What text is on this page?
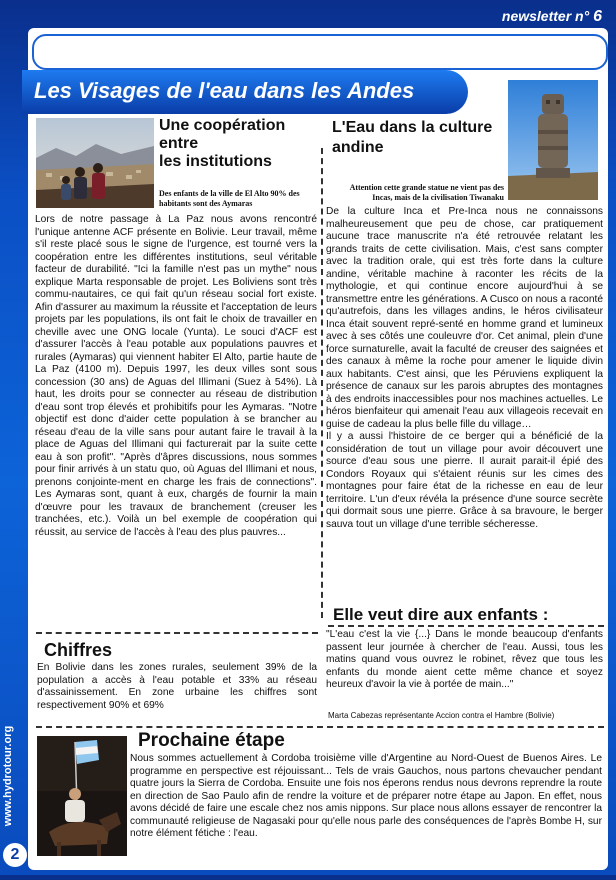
newsletter n° 6
Les Visages de l'eau dans les Andes
www.hydrotour.org
2
Une coopération
entre
les institutions
Des enfants de la ville de El Alto 90% des habitants sont des Aymaras

Lors de notre passage à La Paz nous avons rencontré l'unique antenne ACF présente en Bolivie. Leur travail, même s'il reste placé sous le signe de l'urgence, est tourné vers la coopération entre les différentes institutions, seul véritable facteur de durabilité. "Ici la famille n'est pas un mythe" nous explique Marta responsable de projet. Les Boliviens sont très commu-nautaires, ce qui fait qu'un réseau social fort existe. Afin d'assurer au maximum la réussite et l'acceptation de leurs projets par les populations, ils ont fait le choix de travailler en cheville avec une ONG locale (Yunta). Le souci d'ACF est d'assurer l'accès à l'eau potable aux populations pauvres et rurales (Aymaras) qui viennent habiter El Alto, partie haute de La Paz (4100 m). Depuis 1997, les deux villes sont sous concession (30 ans) de Aguas del Illimani (Suez à 54%). Là haut, les droits pour se connecter au réseau de distribution d'eau sont trop élevés et prohibitifs pour les Aymaras. "Notre objectif est donc d'aider cette population à se brancher au réseau d'eau de la ville sans pour autant faire le travail à la place de Aguas del Illimani qui facturerait par la suite cette eau à son profit". "Après d'âpres discussions, nous sommes pour finir arrivés à un statu quo, où Aguas del Illimani et nous, prenons conjointe-ment en charge les frais de connections". Les Aymaras sont, quant à eux, chargés de fournir la main d'œuvre pour les travaux de branchement (creuser les tranchées, etc.). Voilà un bel exemple de coopération qui réussit, au service de l'accès à l'eau des plus pauvres...

L'Eau dans la culture
andine
Attention cette grande statue ne vient pas des Incas, mais de la civilisation Tiwanaku

De la culture Inca et Pre-Inca nous ne connaissons malheureusement que peu de chose, car pratiquement aucune trace manuscrite n'a été retrouvée relatant les grands traits de cette civilisation. Mais, c'est sans compter avec la tradition orale, qui est très forte dans la culture andine, véritable machine à raconter les récits de la mythologie, et qui continue encore aujourd'hui à se transmettre entre les générations. A Cusco on nous a raconté qu'autrefois, dans les villages andins, le héros civilisateur Inca était souvent repré-senté en homme grand et lumineux avec à ses côtés une couleuvre d'or. Cet animal, plein d'une force surnaturelle, avait la faculté de creuser des saignées et des canaux à même la roche pour amener le liquide divin aux habitants. C'est ainsi, que les Péruviens expliquent la présence de canaux sur les parois abruptes des montagnes à des endroits inaccessibles pour nos machines actuelles. Le héros bienfaiteur qui amenait l'eau aux villageois recevait en guise de cadeau la plus belle fille du village…

Il y a aussi l'histoire de ce berger qui a bénéficié de la considération de tout un village pour avoir découvert une source d'eau sous une pierre. Il aurait parait-il épié des Condors Royaux qui s'étaient réunis sur les cimes des montagnes pour faire état de la richesse en eau de leur territoire. L'un d'eux révéla la présence d'une source secrète qui dormait sous une pierre. Grâce à sa bravoure, le berger sauva tout un village d'une terrible sécheresse.

Chiffres

En Bolivie dans les zones rurales, seulement 39% de la population a accès à l'eau potable et 33% au réseau d'assainissement. En zone urbaine les chiffres sont respectivement 90% et 69%

Elle veut dire aux enfants :

"L'eau c'est la vie {...} Dans le monde beaucoup d'enfants passent leur journée à chercher de l'eau. Aussi, tous les matins quand vous ouvrez le robinet, rêvez que tous les enfants du monde aient cette même chance et soyez heureux d'avoir la vie à portée de main..."

Marta Cabezas représentante Accion contra el Hambre (Bolivie)
Prochaine étape

Nous sommes actuellement à Cordoba troisième ville d'Argentine au Nord-Ouest de Buenos Aires. Le programme en perspective est réjouissant... Tels de vrais Gauchos, nous partons chevaucher pendant quatre jours la Sierra de Cordoba. Ensuite une fois nos éperons rendus nous devrons reprendre la route en direction de Sao Paulo afin de rendre la voiture et de préparer notre étape au Japon. En effet, nous avons décidé de faire une escale chez nos amis nippons. Sur place nous allons essayer de rencontrer la communauté religieuse de Nagasaki pour qu'elle nous parle des conséquences de l'après Bombe H, sur notre élément fétiche : l'eau.
